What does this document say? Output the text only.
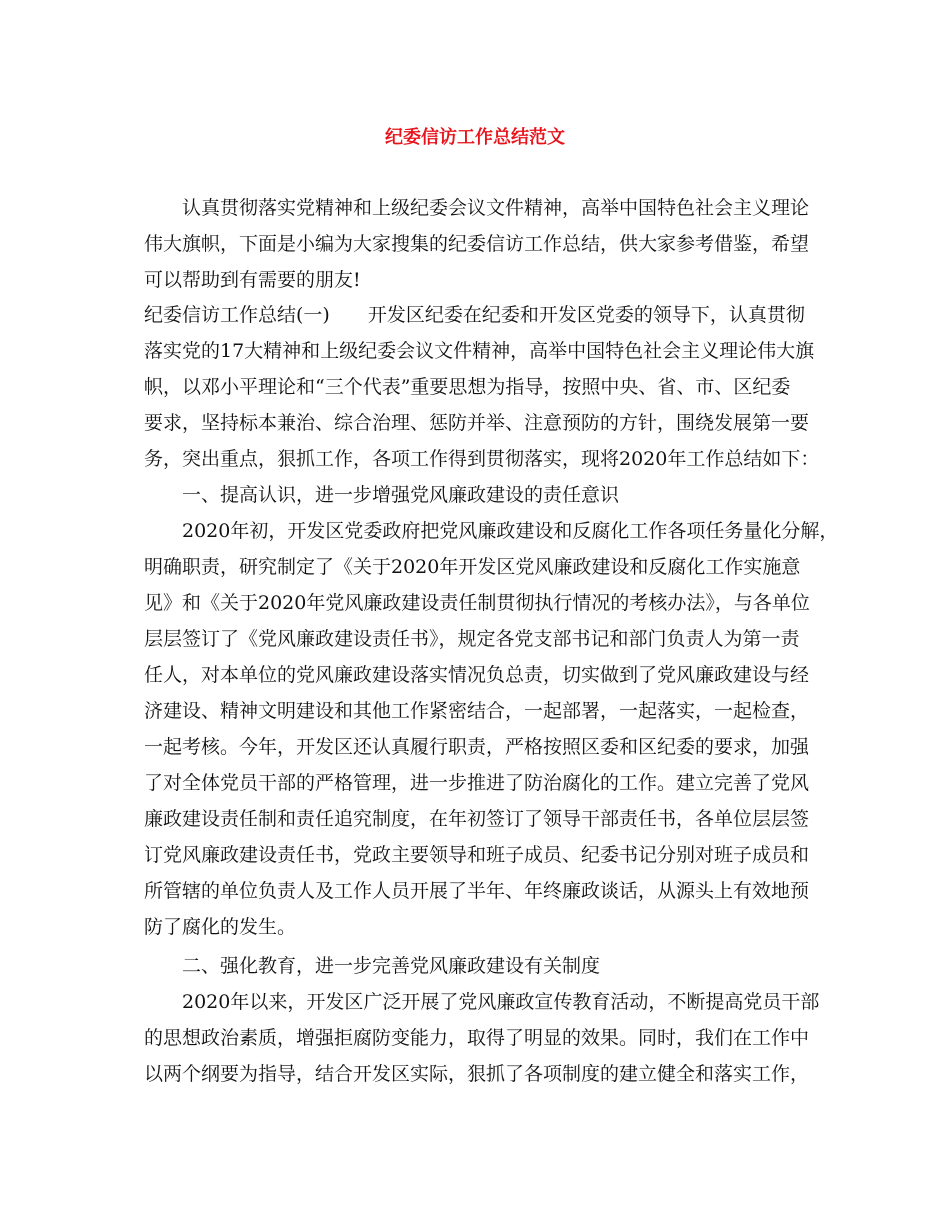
纪委信访工作总结范文
认真贯彻落实党精神和上级纪委会议文件精神，高举中国特色社会主义理论
伟大旗帜，下面是小编为大家搜集的纪委信访工作总结，供大家参考借鉴，希望
可以帮助到有需要的朋友!
纪委信访工作总结(一)　　开发区纪委在纪委和开发区党委的领导下，认真贯彻
落实党的17大精神和上级纪委会议文件精神，高举中国特色社会主义理论伟大旗
帜，以邓小平理论和“三个代表”重要思想为指导，按照中央、省、市、区纪委
要求，坚持标本兼治、综合治理、惩防并举、注意预防的方针，围绕发展第一要
务，突出重点，狠抓工作，各项工作得到贯彻落实，现将2020年工作总结如下：
一、提高认识，进一步增强党风廉政建设的责任意识
2020年初，开发区党委政府把党风廉政建设和反腐化工作各项任务量化分解，
明确职责，研究制定了《关于2020年开发区党风廉政建设和反腐化工作实施意
见》和《关于2020年党风廉政建设责任制贯彻执行情况的考核办法》，与各单位
层层签订了《党风廉政建设责任书》，规定各党支部书记和部门负责人为第一责
任人，对本单位的党风廉政建设落实情况负总责，切实做到了党风廉政建设与经
济建设、精神文明建设和其他工作紧密结合，一起部署，一起落实，一起检查，
一起考核。今年，开发区还认真履行职责，严格按照区委和区纪委的要求，加强
了对全体党员干部的严格管理，进一步推进了防治腐化的工作。建立完善了党风
廉政建设责任制和责任追究制度，在年初签订了领导干部责任书，各单位层层签
订党风廉政建设责任书，党政主要领导和班子成员、纪委书记分别对班子成员和
所管辖的单位负责人及工作人员开展了半年、年终廉政谈话，从源头上有效地预
防了腐化的发生。
二、强化教育，进一步完善党风廉政建设有关制度
2020年以来，开发区广泛开展了党风廉政宣传教育活动，不断提高党员干部
的思想政治素质，增强拒腐防变能力，取得了明显的效果。同时，我们在工作中
以两个纲要为指导，结合开发区实际，狠抓了各项制度的建立健全和落实工作，
